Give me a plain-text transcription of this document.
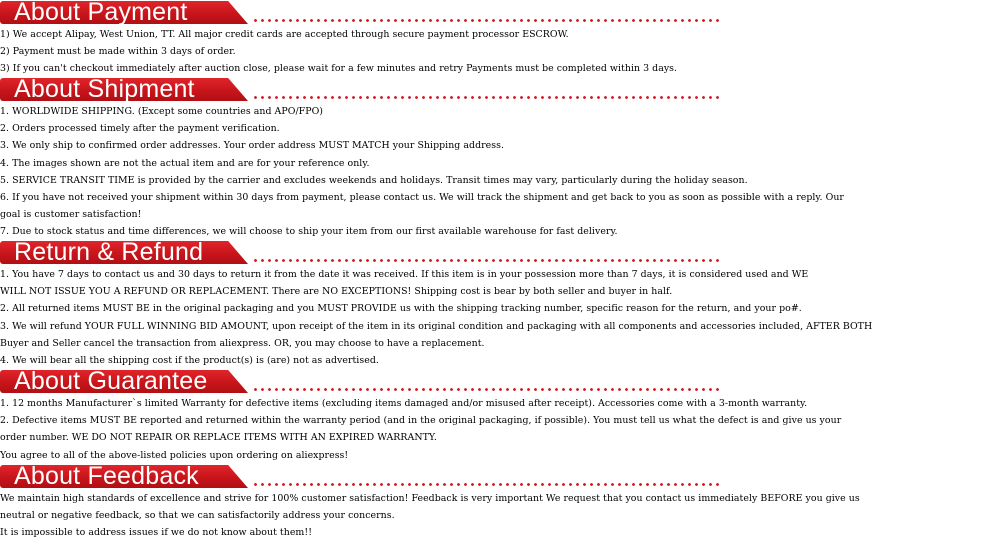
About Payment
1) We accept Alipay, West Union, TT. All major credit cards are accepted through secure payment processor ESCROW.
2) Payment must be made within 3 days of order.
3) If you can't checkout immediately after auction close, please wait for a few minutes and retry Payments must be completed within 3 days.
About Shipment
1. WORLDWIDE SHIPPING. (Except some countries and APO/FPO)
2. Orders processed timely after the payment verification.
3. We only ship to confirmed order addresses. Your order address MUST MATCH your Shipping address.
4. The images shown are not the actual item and are for your reference only.
5. SERVICE TRANSIT TIME is provided by the carrier and excludes weekends and holidays. Transit times may vary, particularly during the holiday season.
6. If you have not received your shipment within 30 days from payment, please contact us. We will track the shipment and get back to you as soon as possible with a reply. Our
goal is customer satisfaction!
7. Due to stock status and time differences, we will choose to ship your item from our first available warehouse for fast delivery.
Return & Refund
1. You have 7 days to contact us and 30 days to return it from the date it was received. If this item is in your possession more than 7 days, it is considered used and WE
WILL NOT ISSUE YOU A REFUND OR REPLACEMENT. There are NO EXCEPTIONS! Shipping cost is bear by both seller and buyer in half.
2. All returned items MUST BE in the original packaging and you MUST PROVIDE us with the shipping tracking number, specific reason for the return, and your po#.
3. We will refund YOUR FULL WINNING BID AMOUNT, upon receipt of the item in its original condition and packaging with all components and accessories included, AFTER BOTH
Buyer and Seller cancel the transaction from aliexpress. OR, you may choose to have a replacement.
4. We will bear all the shipping cost if the product(s) is (are) not as advertised.
About Guarantee
1. 12 months Manufacturer`s limited Warranty for defective items (excluding items damaged and/or misused after receipt). Accessories come with a 3-month warranty.
2. Defective items MUST BE reported and returned within the warranty period (and in the original packaging, if possible). You must tell us what the defect is and give us your
order number. WE DO NOT REPAIR OR REPLACE ITEMS WITH AN EXPIRED WARRANTY.
You agree to all of the above-listed policies upon ordering on aliexpress!
About Feedback
We maintain high standards of excellence and strive for 100% customer satisfaction! Feedback is very important We request that you contact us immediately BEFORE you give us
neutral or negative feedback, so that we can satisfactorily address your concerns.
It is impossible to address issues if we do not know about them!!
